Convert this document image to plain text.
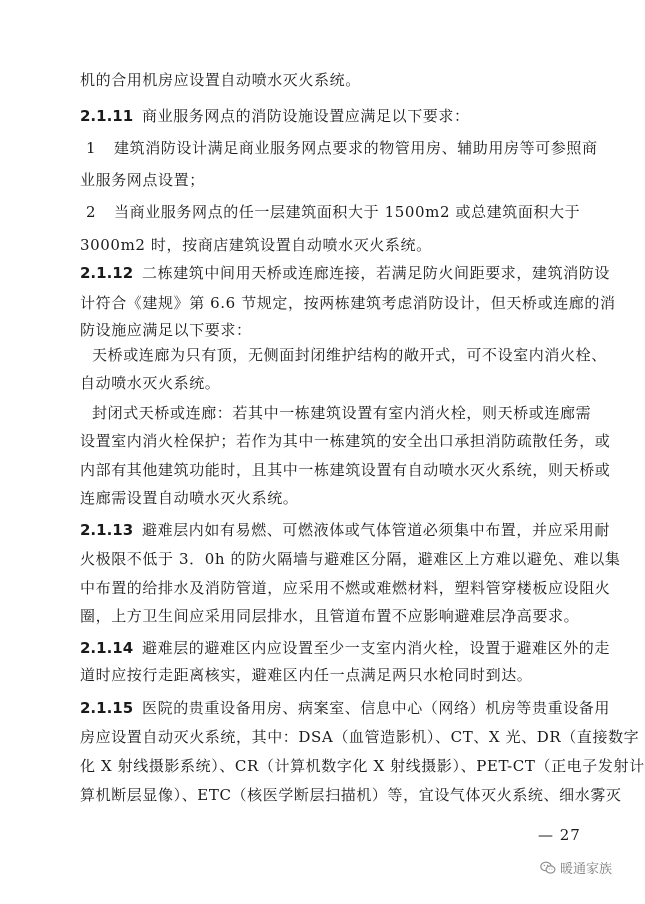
机的合用机房应设置自动喷水灭火系统。
2.1.11 商业服务网点的消防设施设置应满足以下要求：
1 建筑消防设计满足商业服务网点要求的物管用房、辅助用房等可参照商
业服务网点设置；
2 当商业服务网点的任一层建筑面积大于 1500m2 或总建筑面积大于
3000m2 时，按商店建筑设置自动喷水灭火系统。
2.1.12 二栋建筑中间用天桥或连廊连接，若满足防火间距要求，建筑消防设
计符合《建规》第 6.6 节规定，按两栋建筑考虑消防设计，但天桥或连廊的消
防设施应满足以下要求：
天桥或连廊为只有顶，无侧面封闭维护结构的敞开式，可不设室内消火栓、
自动喷水灭火系统。
封闭式天桥或连廊：若其中一栋建筑设置有室内消火栓，则天桥或连廊需
设置室内消火栓保护；若作为其中一栋建筑的安全出口承担消防疏散任务，或
内部有其他建筑功能时，且其中一栋建筑设置有自动喷水灭火系统，则天桥或
连廊需设置自动喷水灭火系统。
2.1.13 避难层内如有易燃、可燃液体或气体管道必须集中布置，并应采用耐
火极限不低于 3．0h 的防火隔墙与避难区分隔，避难区上方难以避免、难以集
中布置的给排水及消防管道，应采用不燃或难燃材料，塑料管穿楼板应设阻火
圈，上方卫生间应采用同层排水，且管道布置不应影响避难层净高要求。
2.1.14 避难层的避难区内应设置至少一支室内消火栓，设置于避难区外的走
道时应按行走距离核实，避难区内任一点满足两只水枪同时到达。
2.1.15 医院的贵重设备用房、病案室、信息中心（网络）机房等贵重设备用
房应设置自动灭火系统，其中：DSA（血管造影机）、CT、X 光、DR（直接数字
化 X 射线摄影系统）、CR（计算机数字化 X 射线摄影）、PET-CT（正电子发射计
算机断层显像）、ETC（核医学断层扫描机）等，宜设气体灭火系统、细水雾灭
— 27
暖通家族
